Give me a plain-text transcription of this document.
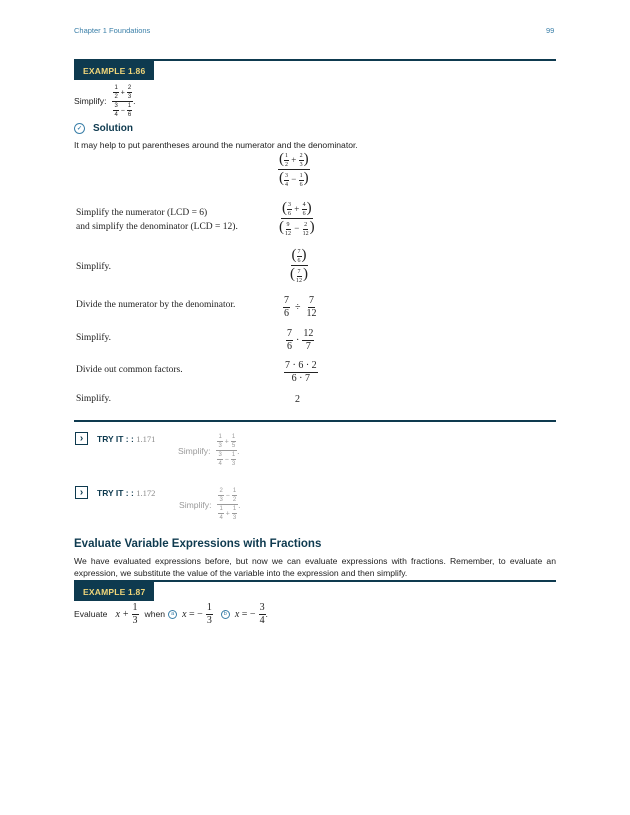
Chapter 1 Foundations	99
EXAMPLE 1.86
Simplify: $\frac{\frac{1}{2} + \frac{2}{3}}{\frac{3}{4} - \frac{1}{6}}$ .
✓ Solution
It may help to put parentheses around the numerator and the denominator.
$\frac{( \frac{1}{2} + \frac{2}{3} )}{( \frac{3}{4} - \frac{1}{6} )}$
Simplify the numerator (LCD = 6)
and simplify the denominator (LCD = 12).	$\frac{( \frac{3}{6} + \frac{4}{6} )}{( \frac{9}{12} - \frac{2}{12} )}$
Simplify.	$\frac{( \frac{7}{6} )}{( \frac{7}{12} )}$
Divide the numerator by the denominator.	$\frac{7}{6} \div \frac{7}{12}$
Simplify.	$\frac{7}{6} \cdot \frac{12}{7}$
Divide out common factors.	$\frac{7 \cdot 6 \cdot 2}{6 \cdot 7}$
Simplify.	2
›	TRY IT : : 1.171
Simplify: $\frac{\frac{1}{3} + \frac{1}{5}}{\frac{3}{4} - \frac{1}{3}}$ .
›	TRY IT : : 1.172
Simplify: $\frac{\frac{2}{3} - \frac{1}{2}}{\frac{1}{4} + \frac{1}{3}}$ .
Evaluate Variable Expressions with Fractions
We have evaluated expressions before, but now we can evaluate expressions with fractions. Remember, to evaluate an expression, we substitute the value of the variable into the expression and then simplify.
EXAMPLE 1.87
Evaluate $x + \frac{1}{3}$ when	a x = − $\frac{1}{3}$	b x = − $\frac{3}{4}$ .
